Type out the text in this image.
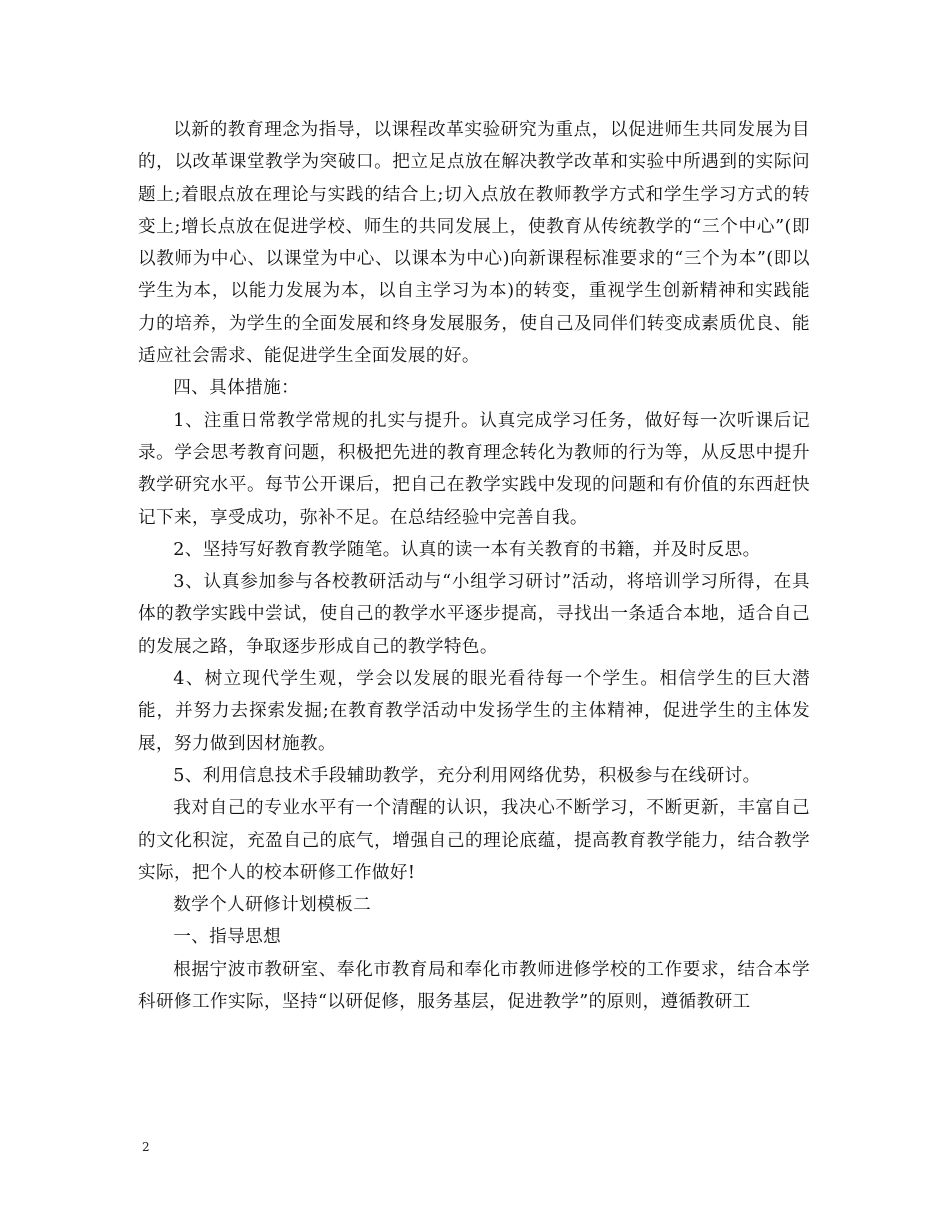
以新的教育理念为指导，以课程改革实验研究为重点，以促进师生共同发展为目的，以改革课堂教学为突破口。把立足点放在解决教学改革和实验中所遇到的实际问题上;着眼点放在理论与实践的结合上;切入点放在教师教学方式和学生学习方式的转变上;增长点放在促进学校、师生的共同发展上，使教育从传统教学的“三个中心”(即以教师为中心、以课堂为中心、以课本为中心)向新课程标准要求的“三个为本”(即以学生为本，以能力发展为本，以自主学习为本)的转变，重视学生创新精神和实践能力的培养，为学生的全面发展和终身发展服务，使自己及同伴们转变成素质优良、能适应社会需求、能促进学生全面发展的好。

四、具体措施：

1、注重日常教学常规的扎实与提升。认真完成学习任务，做好每一次听课后记录。学会思考教育问题，积极把先进的教育理念转化为教师的行为等，从反思中提升教学研究水平。每节公开课后，把自己在教学实践中发现的问题和有价值的东西赶快记下来，享受成功，弥补不足。在总结经验中完善自我。

2、坚持写好教育教学随笔。认真的读一本有关教育的书籍，并及时反思。

3、认真参加参与各校教研活动与“小组学习研讨”活动，将培训学习所得，在具体的教学实践中尝试，使自己的教学水平逐步提高，寻找出一条适合本地，适合自己的发展之路，争取逐步形成自己的教学特色。

4、树立现代学生观，学会以发展的眼光看待每一个学生。相信学生的巨大潜能，并努力去探索发掘;在教育教学活动中发扬学生的主体精神，促进学生的主体发展，努力做到因材施教。

5、利用信息技术手段辅助教学，充分利用网络优势，积极参与在线研讨。

我对自己的专业水平有一个清醒的认识，我决心不断学习，不断更新，丰富自己的文化积淀，充盈自己的底气，增强自己的理论底蕴，提高教育教学能力，结合教学实际，把个人的校本研修工作做好!

数学个人研修计划模板二

一、指导思想

根据宁波市教研室、奉化市教育局和奉化市教师进修学校的工作要求，结合本学科研修工作实际，坚持“以研促修，服务基层，促进教学”的原则，遵循教研工

2
